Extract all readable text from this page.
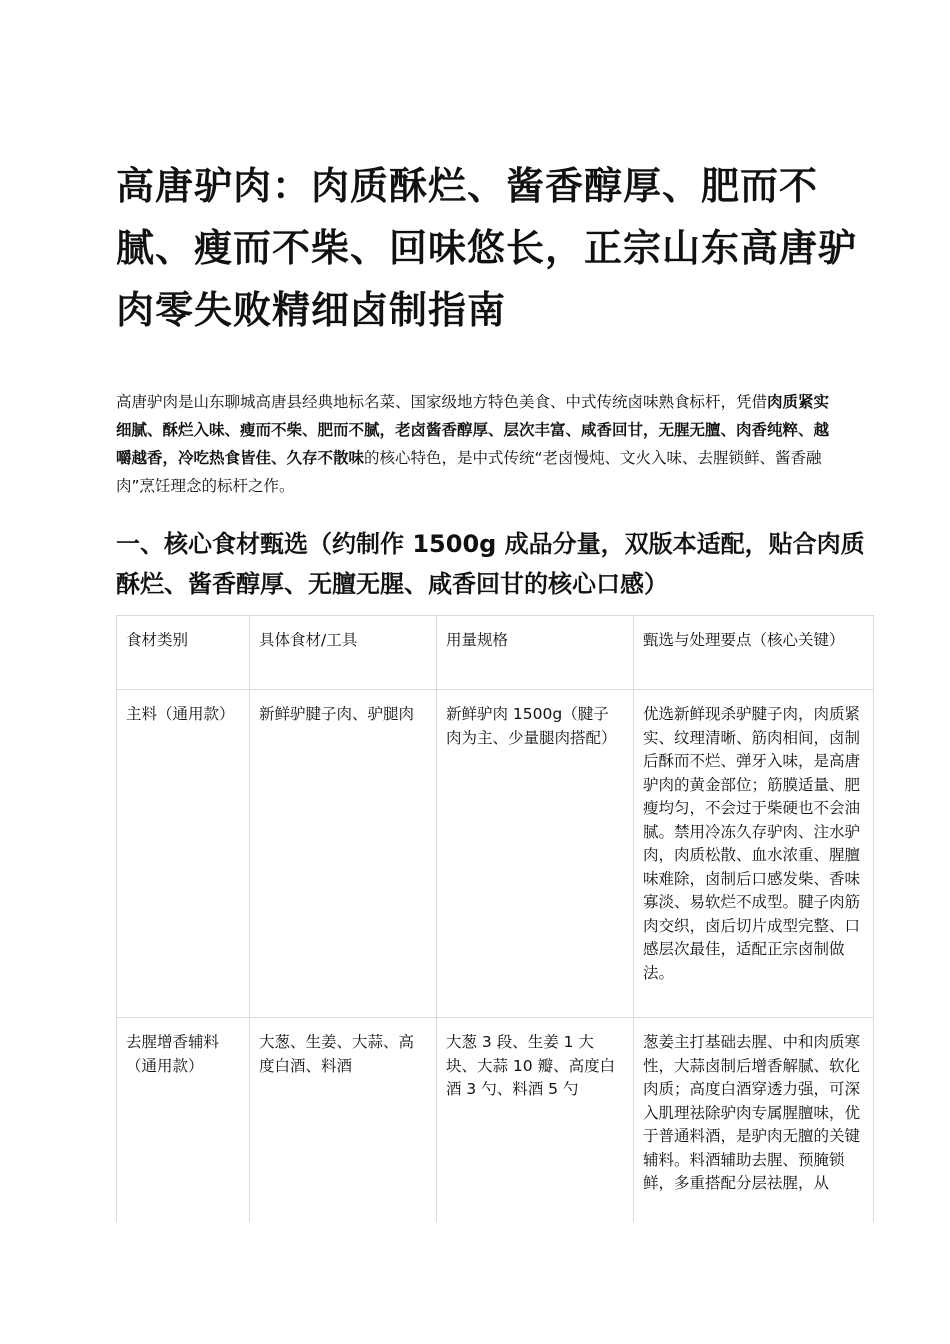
高唐驴肉：肉质酥烂、酱香醇厚、肥而不腻、瘦而不柴、回味悠长，正宗山东高唐驴肉零失败精细卤制指南

高唐驴肉是山东聊城高唐县经典地标名菜、国家级地方特色美食、中式传统卤味熟食标杆，凭借肉质紧实细腻、酥烂入味、瘦而不柴、肥而不腻，老卤酱香醇厚、层次丰富、咸香回甘，无腥无膻、肉香纯粹、越嚼越香，冷吃热食皆佳、久存不散味的核心特色，是中式传统“老卤慢炖、文火入味、去腥锁鲜、酱香融肉”烹饪理念的标杆之作。

一、核心食材甄选（约制作 1500g 成品分量，双版本适配，贴合肉质酥烂、酱香醇厚、无膻无腥、咸香回甘的核心口感）
食材类别	具体食材/工具	用量规格	甄选与处理要点（核心关键）
主料（通用款）	新鲜驴腱子肉、驴腿肉	新鲜驴肉 1500g（腱子肉为主、少量腿肉搭配）	优选新鲜现杀驴腱子肉，肉质紧实、纹理清晰、筋肉相间，卤制后酥而不烂、弹牙入味，是高唐驴肉的黄金部位；筋膜适量、肥瘦均匀，不会过于柴硬也不会油腻。禁用冷冻久存驴肉、注水驴肉，肉质松散、血水浓重、腥膻味难除，卤制后口感发柴、香味寡淡、易软烂不成型。腱子肉筋肉交织，卤后切片成型完整、口感层次最佳，适配正宗卤制做法。
去腥增香辅料（通用款）	大葱、生姜、大蒜、高度白酒、料酒	大葱 3 段、生姜 1 大块、大蒜 10 瓣、高度白酒 3 勺、料酒 5 勺	葱姜主打基础去腥、中和肉质寒性，大蒜卤制后增香解腻、软化肉质；高度白酒穿透力强，可深入肌理祛除驴肉专属腥膻味，优于普通料酒，是驴肉无膻的关键辅料。料酒辅助去腥、预腌锁鲜，多重搭配分层祛腥，从
